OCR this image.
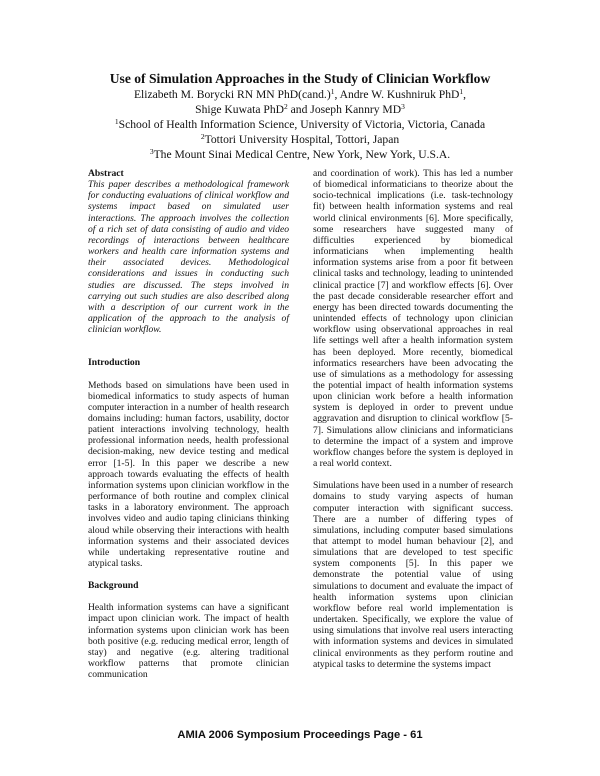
Use of Simulation Approaches in the Study of Clinician Workflow

Elizabeth M. Borycki RN MN PhD(cand.)$^1$, Andre W. Kushniruk PhD$^1$,

Shige Kuwata PhD$^2$ and Joseph Kannry $MD^3$

$^1$School of Health Information Science, University of Victoria, Victoria, Canada

$^2$Tottori University Hospital, Tottori, Japan

$^3$The Mount Sinai Medical Centre, New York, New York, U.S.A.

Abstract

This paper describes a methodological framework for conducting evaluations of clinical workflow and systems impact based on simulated user interactions. The approach involves the collection of a rich set of data consisting of audio and video recordings of interactions between healthcare workers and health care information systems and their associated devices. Methodological considerations and issues in conducting such studies are discussed. The steps involved in carrying out such studies are also described along with a description of our current work in the application of the approach to the analysis of clinician workflow.

Introduction

Methods based on simulations have been used in biomedical informatics to study aspects of human computer interaction in a number of health research domains including: human factors, usability, doctor patient interactions involving technology, health professional information needs, health professional decision-making, new device testing and medical error [1-5]. In this paper we describe a new approach towards evaluating the effects of health information systems upon clinician workflow in the performance of both routine and complex clinical tasks in a laboratory environment. The approach involves video and audio taping clinicians thinking aloud while observing their interactions with health information systems and their associated devices while undertaking representative routine and atypical tasks.

Background

Health information systems can have a significant impact upon clinician work. The impact of health information systems upon clinician work has been both positive (e.g. reducing medical error, length of stay) and negative (e.g. altering traditional workflow patterns that promote clinician communication

and coordination of work). This has led a number of biomedical informaticians to theorize about the socio-technical implications (i.e. task-technology fit) between health information systems and real world clinical environments [6]. More specifically, some researchers have suggested many of difficulties experienced by biomedical informaticians when implementing health information systems arise from a poor fit between clinical tasks and technology, leading to unintended clinical practice [7] and workflow effects [6]. Over the past decade considerable researcher effort and energy has been directed towards documenting the unintended effects of technology upon clinician workflow using observational approaches in real life settings well after a health information system has been deployed. More recently, biomedical informatics researchers have been advocating the use of simulations as a methodology for assessing the potential impact of health information systems upon clinician work before a health information system is deployed in order to prevent undue aggravation and disruption to clinical workflow [5-7]. Simulations allow clinicians and informaticians to determine the impact of a system and improve workflow changes before the system is deployed in a real world context.

Simulations have been used in a number of research domains to study varying aspects of human computer interaction with significant success. There are a number of differing types of simulations, including computer based simulations that attempt to model human behaviour [2], and simulations that are developed to test specific system components [5]. In this paper we demonstrate the potential value of using simulations to document and evaluate the impact of health information systems upon clinician workflow before real world implementation is undertaken. Specifically, we explore the value of using simulations that involve real users interacting with information systems and devices in simulated clinical environments as they perform routine and atypical tasks to determine the systems impact

AMIA 2006 Symposium Proceedings Page - 61
